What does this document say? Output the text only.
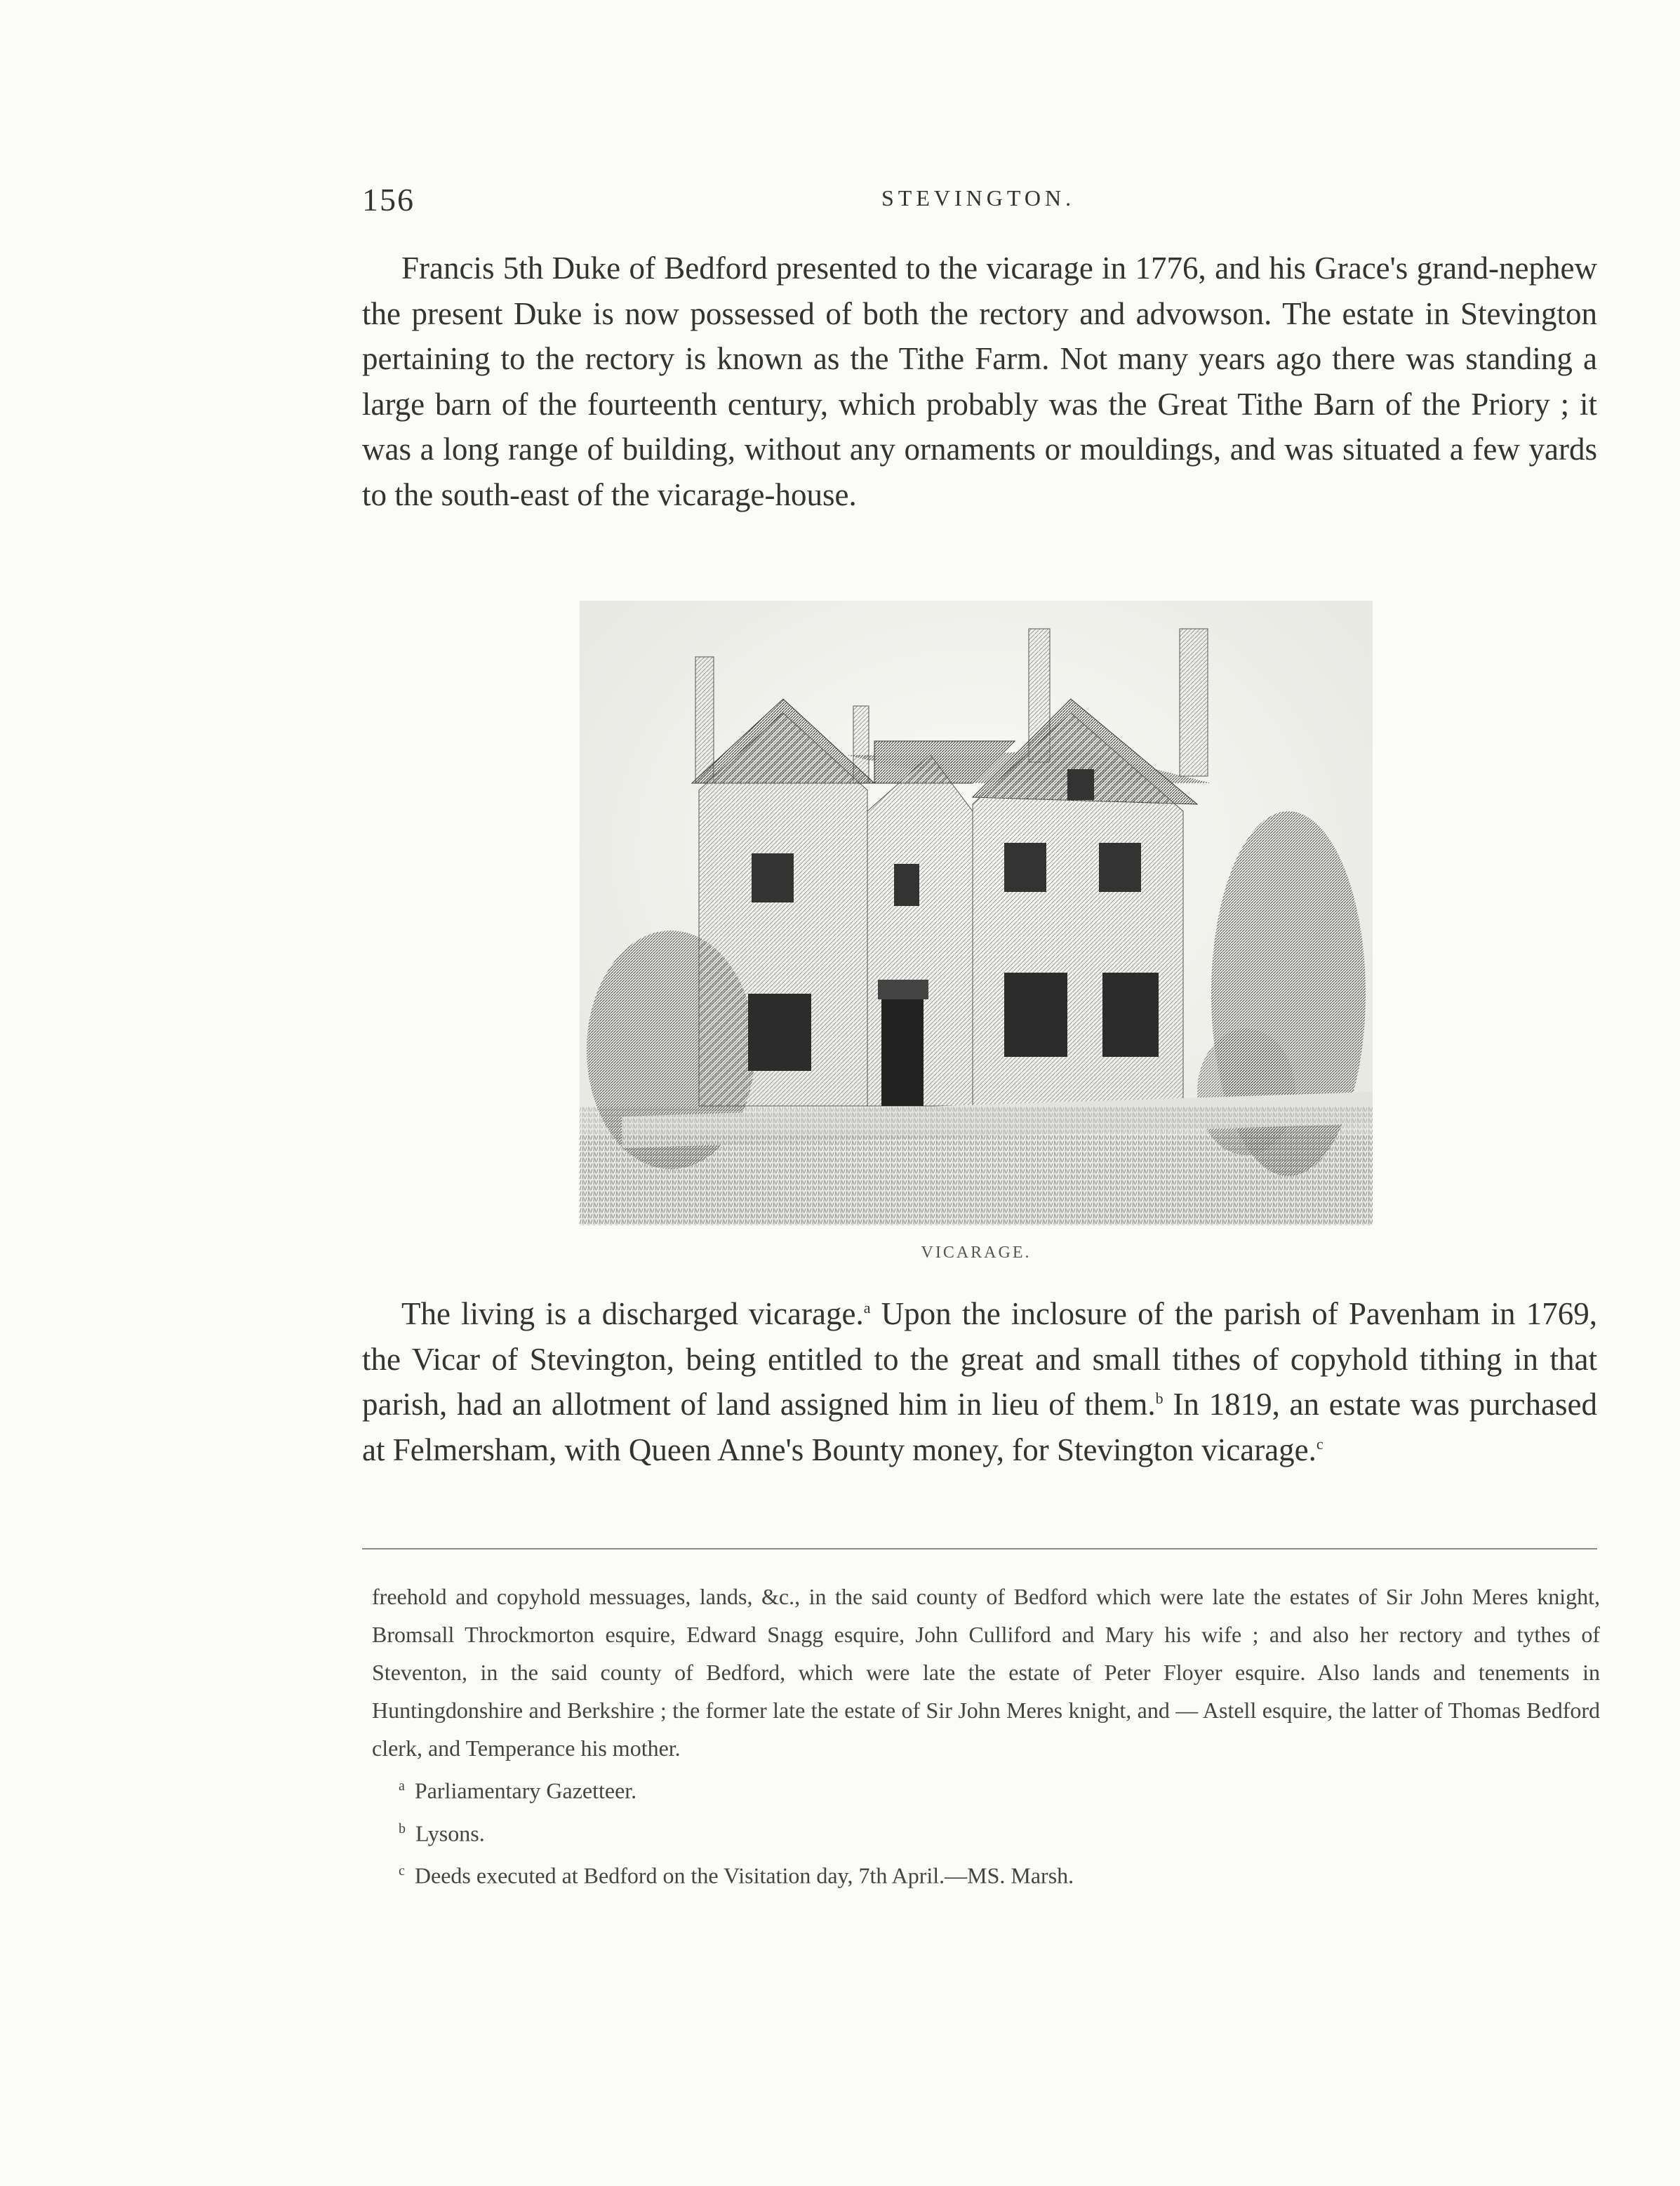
156	STEVINGTON.

Francis 5th Duke of Bedford presented to the vicarage in 1776, and his Grace's grand-nephew the present Duke is now possessed of both the rectory and advowson. The estate in Stevington pertaining to the rectory is known as the Tithe Farm. Not many years ago there was standing a large barn of the fourteenth century, which probably was the Great Tithe Barn of the Priory ; it was a long range of building, without any ornaments or mouldings, and was situated a few yards to the south-east of the vicarage-house.

VICARAGE.

The living is a discharged vicarage.$^a$ Upon the inclosure of the parish of Pavenham in 1769, the Vicar of Stevington, being entitled to the great and small tithes of copyhold tithing in that parish, had an allotment of land assigned him in lieu of them.$^b$ In 1819, an estate was purchased at Felmersham, with Queen Anne's Bounty money, for Stevington vicarage.$^c$

freehold and copyhold messuages, lands, &c., in the said county of Bedford which were late the estates of Sir John Meres knight, Bromsall Throckmorton esquire, Edward Snagg esquire, John Culliford and Mary his wife ; and also her rectory and tythes of Steventon, in the said county of Bedford, which were late the estate of Peter Floyer esquire. Also lands and tenements in Huntingdonshire and Berkshire ; the former late the estate of Sir John Meres knight, and — Astell esquire, the latter of Thomas Bedford clerk, and Temperance his mother.

$^a$ Parliamentary Gazetteer.

$^b$ Lysons.

$^c$ Deeds executed at Bedford on the Visitation day, 7th April.—MS. Marsh.
